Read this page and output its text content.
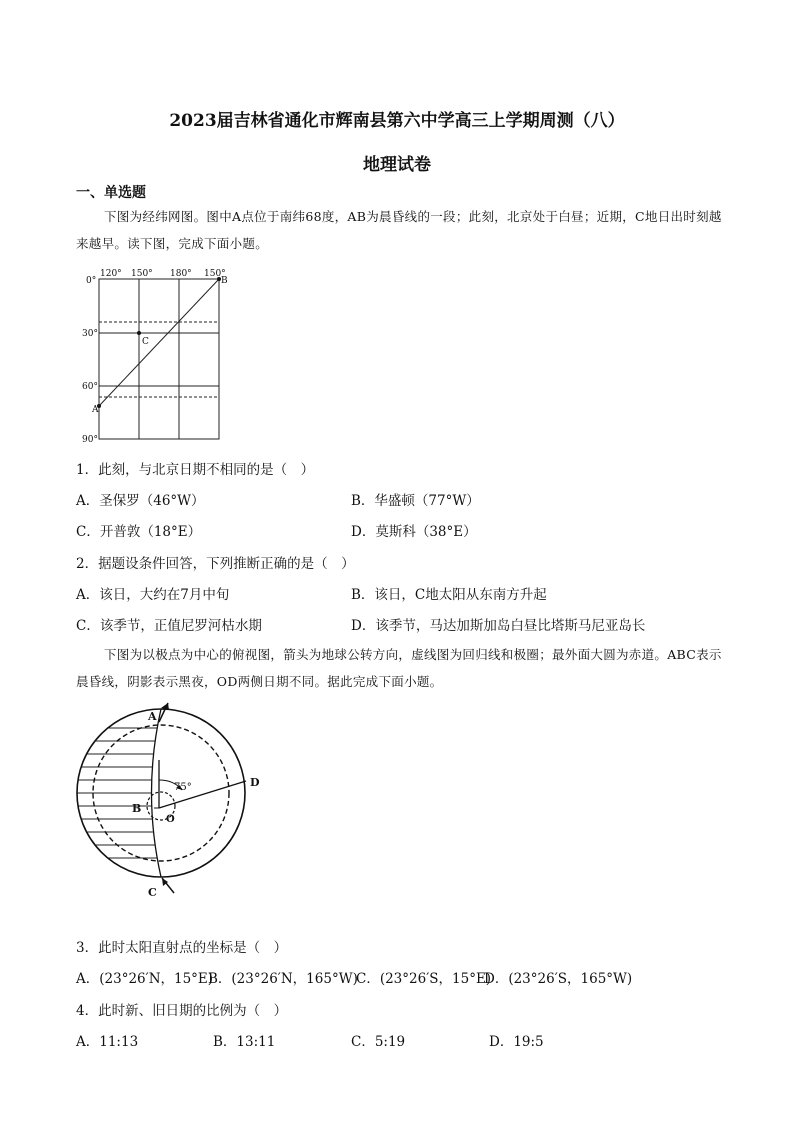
2023届吉林省通化市辉南县第六中学高三上学期周测（八）
地理试卷
一、单选题
下图为经纬网图。图中A点位于南纬68度，AB为晨昏线的一段；此刻，北京处于白昼；近期，C地日出时刻越来越早。读下图，完成下面小题。
120° 150° 180° 150°
0°
30°
60°
90°
A
B
C
1．此刻，与北京日期不相同的是（　）
A．圣保罗（46°W）	B．华盛顿（77°W）
C．开普敦（18°E）	D．莫斯科（38°E）
2．据题设条件回答，下列推断正确的是（　）
A．该日，大约在7月中旬	B．该日，C地太阳从东南方升起
C．该季节，正值尼罗河枯水期	D．该季节，马达加斯加岛白昼比塔斯马尼亚岛长
下图为以极点为中心的俯视图，箭头为地球公转方向，虚线图为回归线和极圈；最外面大圆为赤道。ABC表示晨昏线，阴影表示黑夜，OD两侧日期不同。据此完成下面小题。
A
B
C
D
O
75°
3．此时太阳直射点的坐标是（　）
A．(23°26′N，15°E)
B．(23°26′N，165°W)
C．(23°26′S，15°E)
D．(23°26′S，165°W)
4．此时新、旧日期的比例为（　）
A．11:13	B．13:11	C．5:19	D．19:5
